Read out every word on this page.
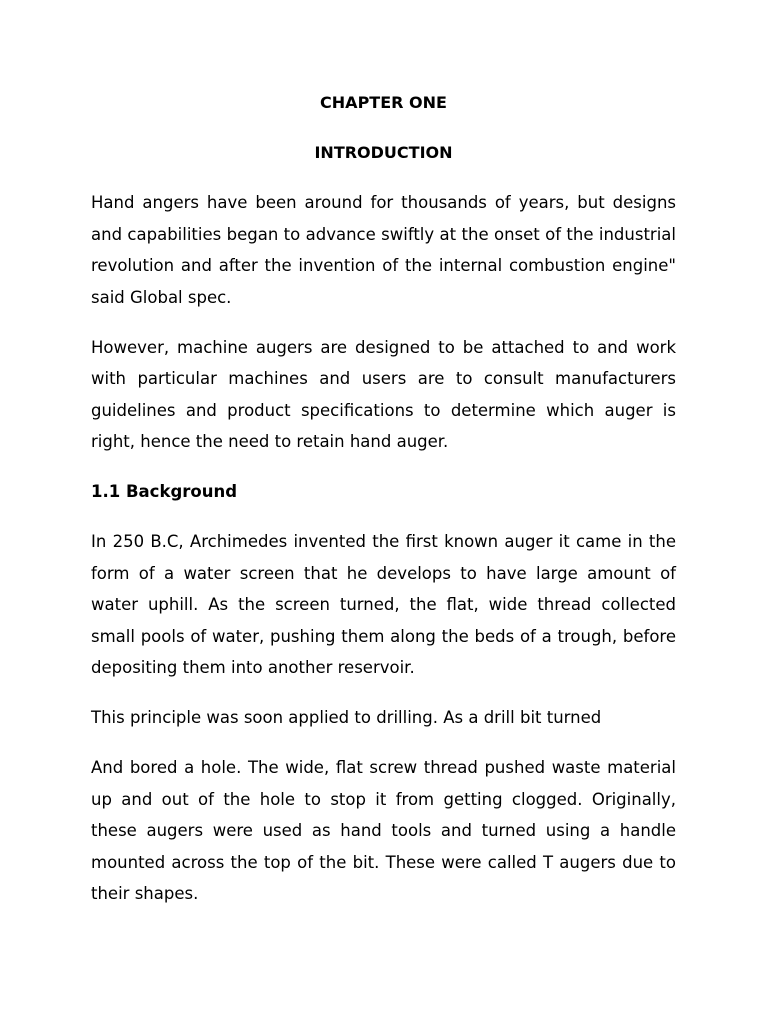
CHAPTER ONE

INTRODUCTION

Hand angers have been around for thousands of years, but designs and capabilities began to advance swiftly at the onset of the industrial revolution and after the invention of the internal combustion engine" said Global spec.

However, machine augers are designed to be attached to and work with particular machines and users are to consult manufacturers guidelines and product specifications to determine which auger is right, hence the need to retain hand auger.

1.1 Background

In 250 B.C, Archimedes invented the first known auger it came in the form of a water screen that he develops to have large amount of water uphill. As the screen turned, the flat, wide thread collected small pools of water, pushing them along the beds of a trough, before depositing them into another reservoir.

This principle was soon applied to drilling. As a drill bit turned

And bored a hole. The wide, flat screw thread pushed waste material up and out of the hole to stop it from getting clogged. Originally, these augers were used as hand tools and turned using a handle mounted across the top of the bit. These were called T augers due to their shapes.
